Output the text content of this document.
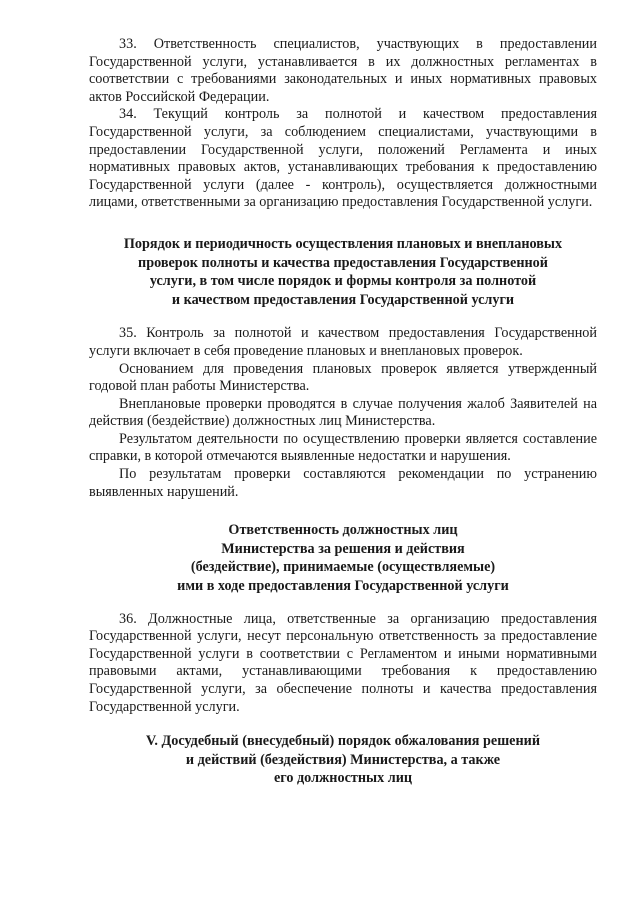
33. Ответственность специалистов, участвующих в предоставлении Государственной услуги, устанавливается в их должностных регламентах в соответствии с требованиями законодательных и иных нормативных правовых актов Российской Федерации.

34. Текущий контроль за полнотой и качеством предоставления Государственной услуги, за соблюдением специалистами, участвующими в предоставлении Государственной услуги, положений Регламента и иных нормативных правовых актов, устанавливающих требования к предоставлению Государственной услуги (далее - контроль), осуществляется должностными лицами, ответственными за организацию предоставления Государственной услуги.

Порядок и периодичность осуществления плановых и внеплановых
проверок полноты и качества предоставления Государственной
услуги, в том числе порядок и формы контроля за полнотой
и качеством предоставления Государственной услуги

35. Контроль за полнотой и качеством предоставления Государственной услуги включает в себя проведение плановых и внеплановых проверок.

Основанием для проведения плановых проверок является утвержденный годовой план работы Министерства.

Внеплановые проверки проводятся в случае получения жалоб Заявителей на действия (бездействие) должностных лиц Министерства.

Результатом деятельности по осуществлению проверки является составление справки, в которой отмечаются выявленные недостатки и нарушения.

По результатам проверки составляются рекомендации по устранению выявленных нарушений.

Ответственность должностных лиц
Министерства за решения и действия
(бездействие), принимаемые (осуществляемые)
ими в ходе предоставления Государственной услуги

36. Должностные лица, ответственные за организацию предоставления Государственной услуги, несут персональную ответственность за предоставление Государственной услуги в соответствии с Регламентом и иными нормативными правовыми актами, устанавливающими требования к предоставлению Государственной услуги, за обеспечение полноты и качества предоставления Государственной услуги.

V. Досудебный (внесудебный) порядок обжалования решений
и действий (бездействия) Министерства, а также
его должностных лиц
